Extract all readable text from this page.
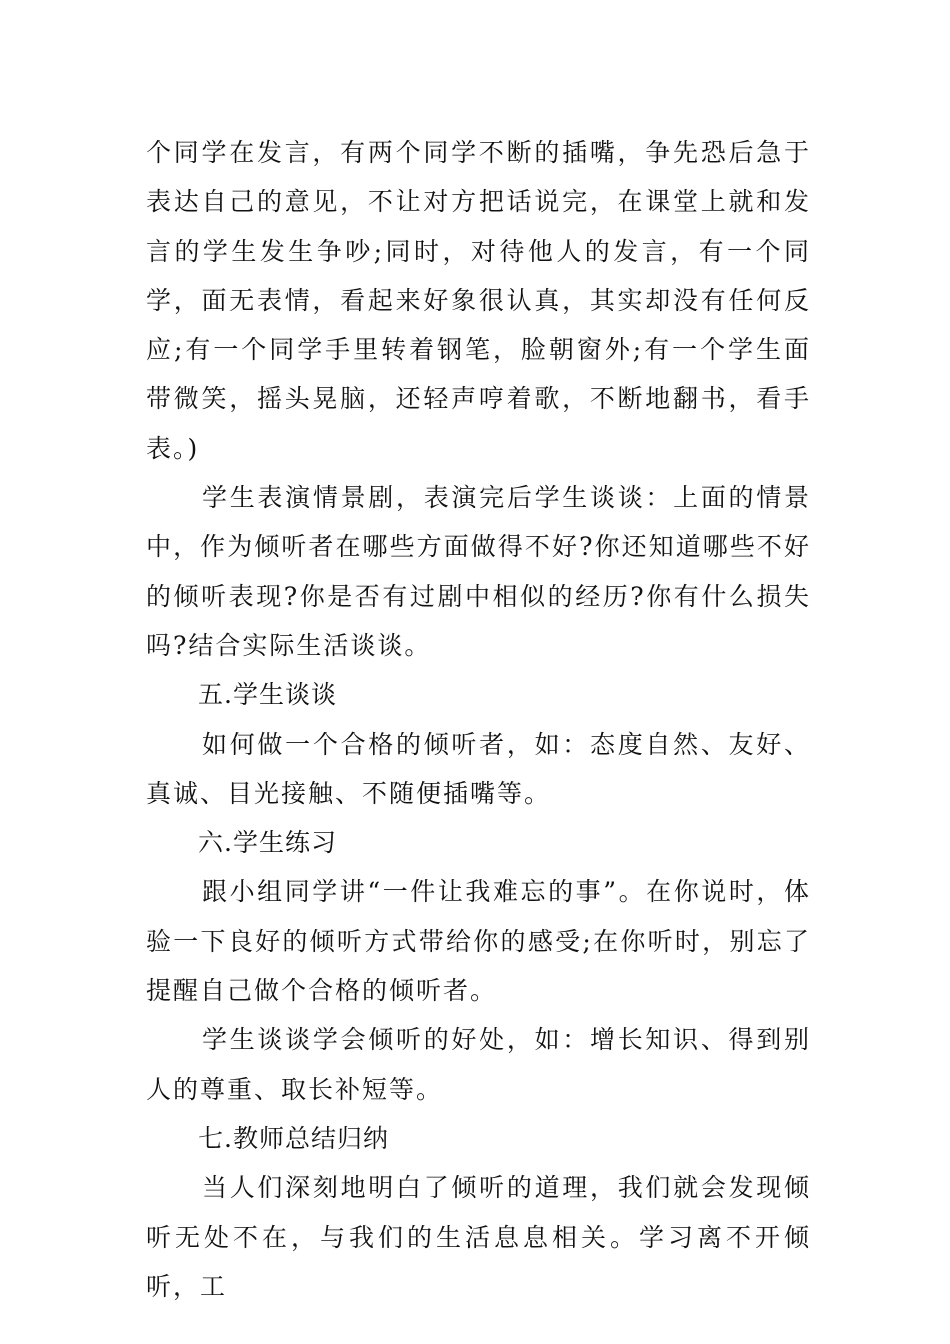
个同学在发言，有两个同学不断的插嘴，争先恐后急于表达自己的意见，不让对方把话说完，在课堂上就和发言的学生发生争吵;同时，对待他人的发言，有一个同学，面无表情，看起来好象很认真，其实却没有任何反应;有一个同学手里转着钢笔，脸朝窗外;有一个学生面带微笑，摇头晃脑，还轻声哼着歌，不断地翻书，看手表。)

学生表演情景剧，表演完后学生谈谈：上面的情景中，作为倾听者在哪些方面做得不好?你还知道哪些不好的倾听表现?你是否有过剧中相似的经历?你有什么损失吗?结合实际生活谈谈。

五.学生谈谈

如何做一个合格的倾听者，如：态度自然、友好、真诚、目光接触、不随便插嘴等。

六.学生练习

跟小组同学讲“一件让我难忘的事”。在你说时，体验一下良好的倾听方式带给你的感受;在你听时，别忘了提醒自己做个合格的倾听者。

学生谈谈学会倾听的好处，如：增长知识、得到别人的尊重、取长补短等。

七.教师总结归纳

当人们深刻地明白了倾听的道理，我们就会发现倾听无处不在，与我们的生活息息相关。学习离不开倾听，工
